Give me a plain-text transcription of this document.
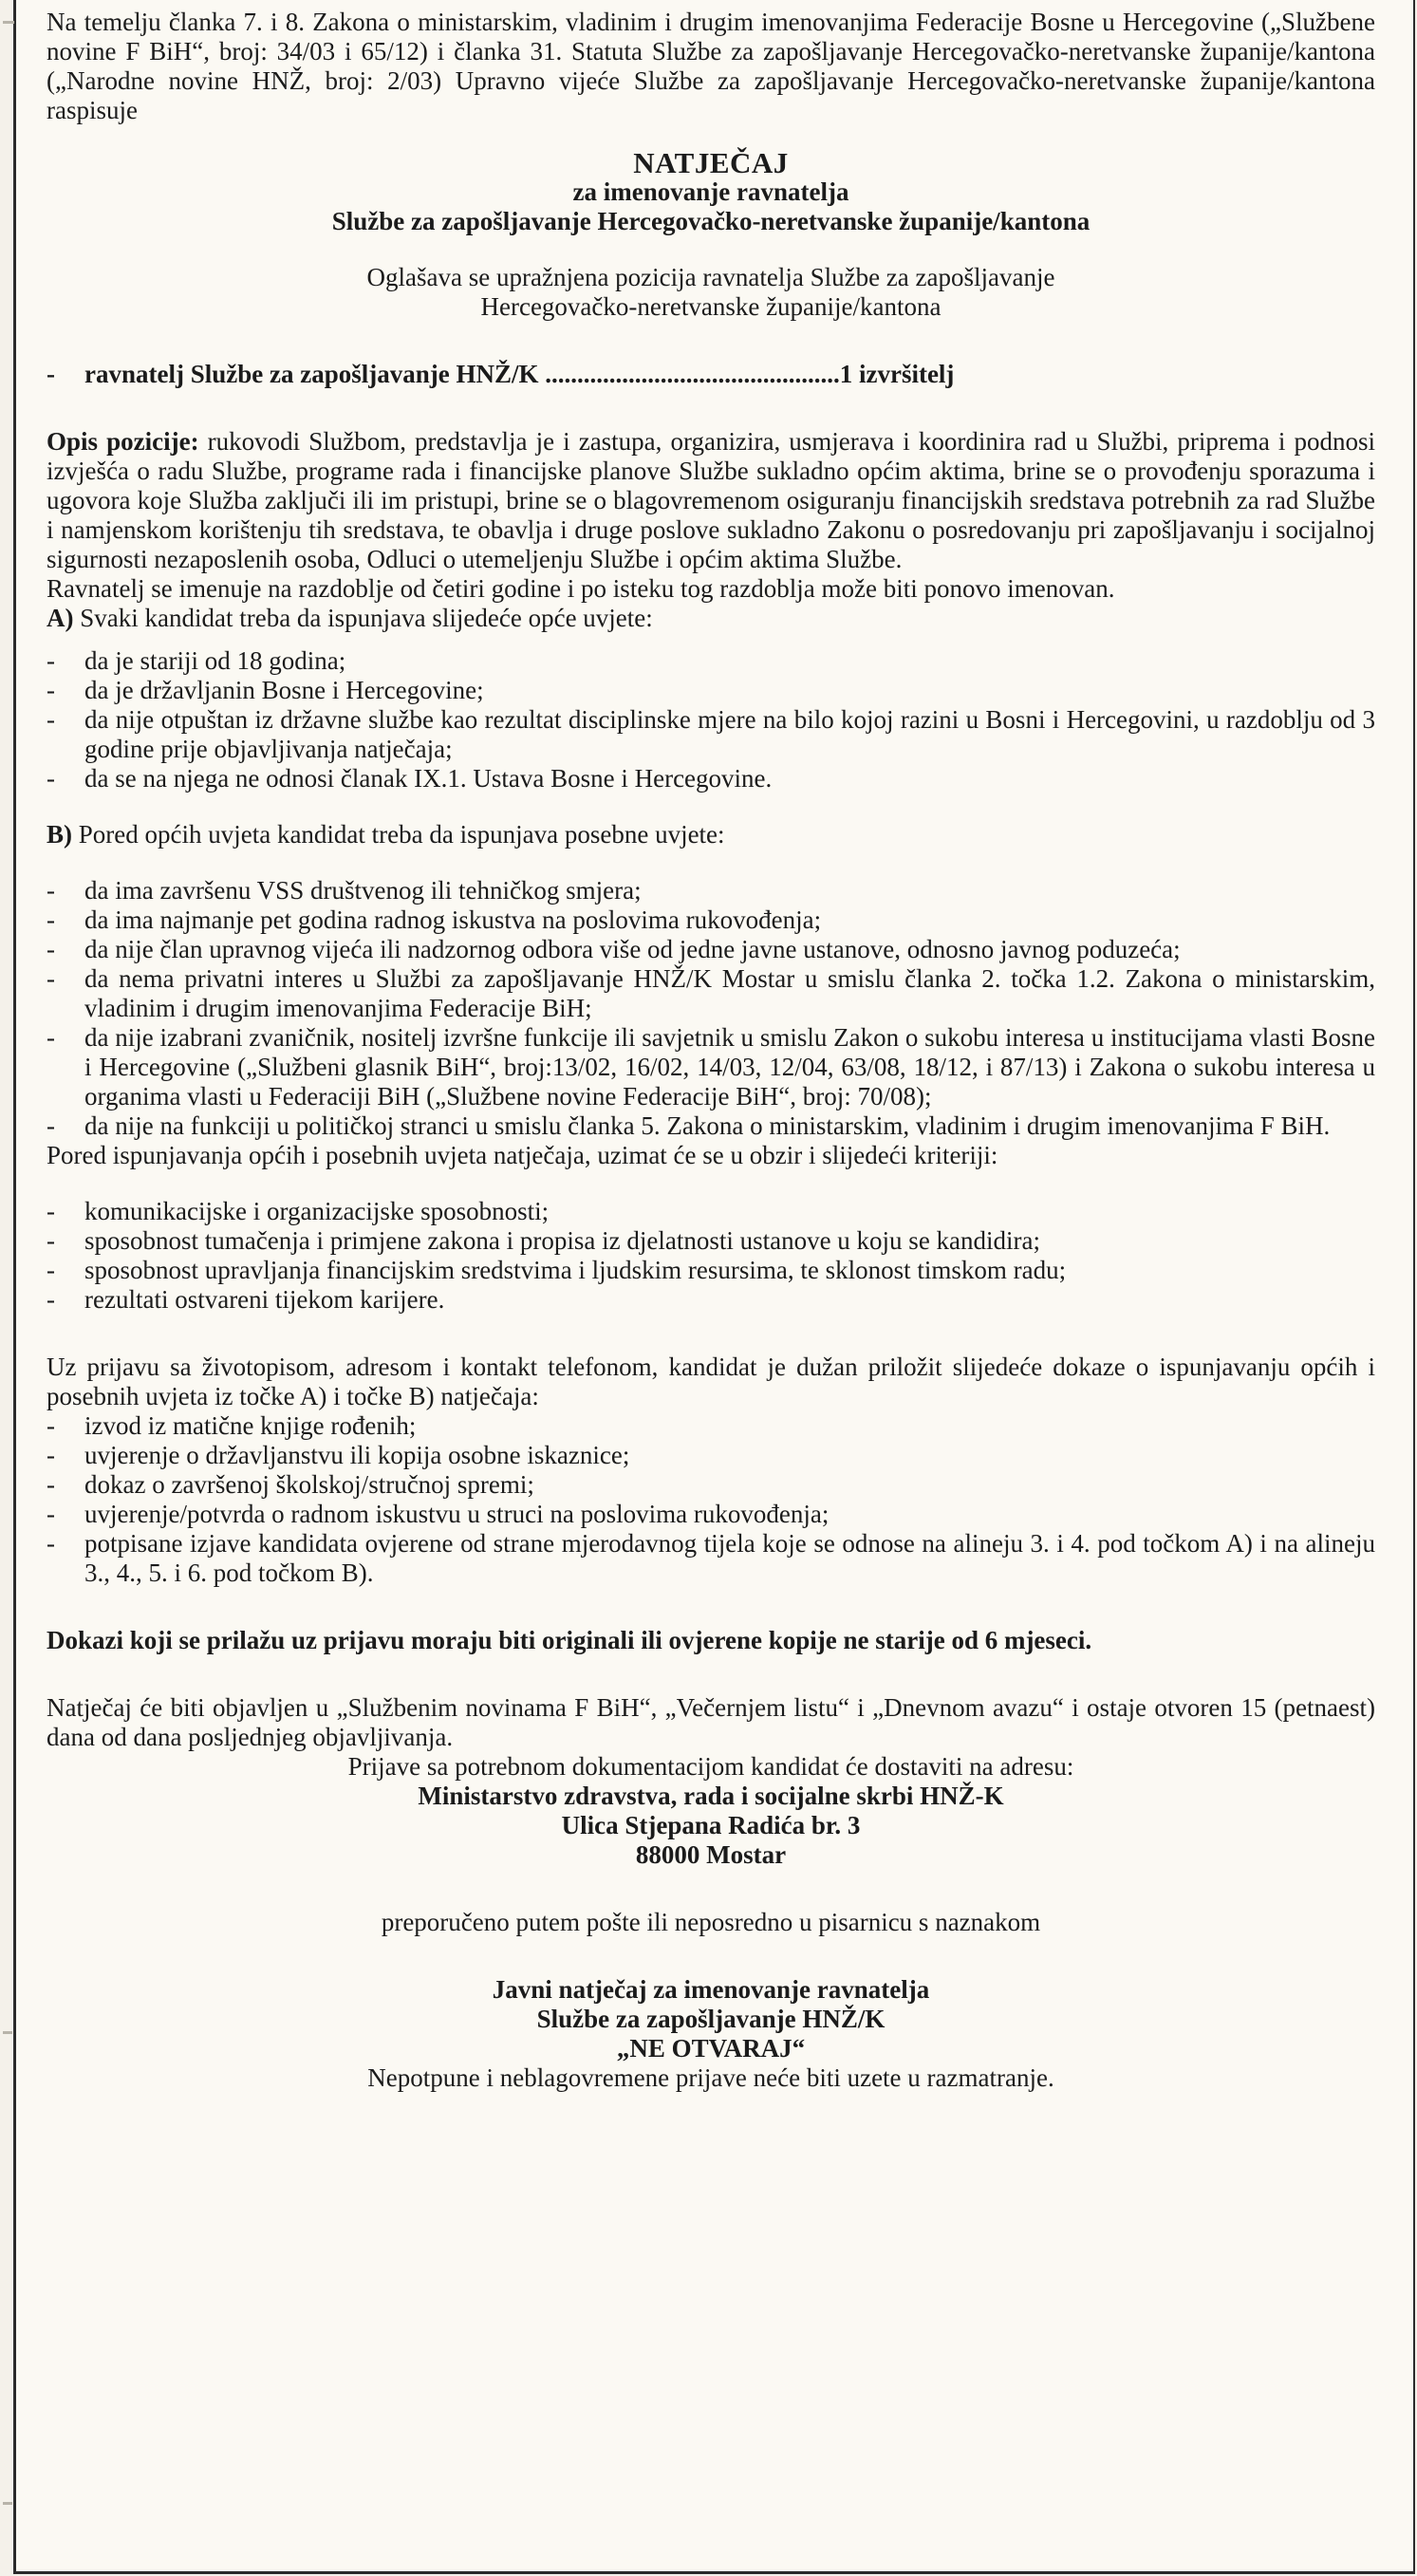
Na temelju članka 7. i 8. Zakona o ministarskim, vladinim i drugim imenovanjima Federacije Bosne u Hercegovine („Službene novine F BiH“, broj: 34/03 i 65/12) i članka 31. Statuta Službe za zapošljavanje Hercegovačko-neretvanske županije/kantona („Narodne novine HNŽ, broj: 2/03) Upravno vijeće Službe za zapošljavanje Hercegovačko-neretvanske županije/kantona raspisuje

NATJEČAJ
za imenovanje ravnatelja
Službe za zapošljavanje Hercegovačko-neretvanske županije/kantona
Oglašava se upražnjena pozicija ravnatelja Službe za zapošljavanje
Hercegovačko-neretvanske županije/kantona
-	ravnatelj Službe za zapošljavanje HNŽ/K ..............................................1 izvršitelj

Opis pozicije: rukovodi Službom, predstavlja je i zastupa, organizira, usmjerava i koordinira rad u Službi, priprema i podnosi izvješća o radu Službe, programe rada i financijske planove Službe sukladno općim aktima, brine se o provođenju sporazuma i ugovora koje Služba zaključi ili im pristupi, brine se o blagovremenom osiguranju financijskih sredstava potrebnih za rad Službe i namjenskom korištenju tih sredstava, te obavlja i druge poslove sukladno Zakonu o posredovanju pri zapošljavanju i socijalnoj sigurnosti nezaposlenih osoba, Odluci o utemeljenju Službe i općim aktima Službe.

Ravnatelj se imenuje na razdoblje od četiri godine i po isteku tog razdoblja može biti ponovo imenovan.

A) Svaki kandidat treba da ispunjava slijedeće opće uvjete:

- da je stariji od 18 godina;
- da je državljanin Bosne i Hercegovine;
- da nije otpuštan iz državne službe kao rezultat disciplinske mjere na bilo kojoj razini u Bosni i Hercegovini, u razdoblju od 3 godine prije objavljivanja natječaja;
- da se na njega ne odnosi članak IX.1. Ustava Bosne i Hercegovine.

B) Pored općih uvjeta kandidat treba da ispunjava posebne uvjete:

- da ima završenu VSS društvenog ili tehničkog smjera;
- da ima najmanje pet godina radnog iskustva na poslovima rukovođenja;
- da nije član upravnog vijeća ili nadzornog odbora više od jedne javne ustanove, odnosno javnog poduzeća;
- da nema privatni interes u Službi za zapošljavanje HNŽ/K Mostar u smislu članka 2. točka 1.2. Zakona o ministarskim, vladinim i drugim imenovanjima Federacije BiH;
- da nije izabrani zvaničnik, nositelj izvršne funkcije ili savjetnik u smislu Zakon o sukobu interesa u institucijama vlasti Bosne i Hercegovine („Službeni glasnik BiH“, broj:13/02, 16/02, 14/03, 12/04, 63/08, 18/12, i 87/13) i Zakona o sukobu interesa u organima vlasti u Federaciji BiH („Službene novine Federacije BiH“, broj: 70/08);
- da nije na funkciji u političkoj stranci u smislu članka 5. Zakona o ministarskim, vladinim i drugim imenovanjima F BiH.

Pored ispunjavanja općih i posebnih uvjeta natječaja, uzimat će se u obzir i slijedeći kriteriji:

- komunikacijske i organizacijske sposobnosti;
- sposobnost tumačenja i primjene zakona i propisa iz djelatnosti ustanove u koju se kandidira;
- sposobnost upravljanja financijskim sredstvima i ljudskim resursima, te sklonost timskom radu;
- rezultati ostvareni tijekom karijere.

Uz prijavu sa životopisom, adresom i kontakt telefonom, kandidat je dužan priložit slijedeće dokaze o ispunjavanju općih i posebnih uvjeta iz točke A) i točke B) natječaja:

- izvod iz matične knjige rođenih;
- uvjerenje o državljanstvu ili kopija osobne iskaznice;
- dokaz o završenoj školskoj/stručnoj spremi;
- uvjerenje/potvrda o radnom iskustvu u struci na poslovima rukovođenja;
- potpisane izjave kandidata ovjerene od strane mjerodavnog tijela koje se odnose na alineju 3. i 4. pod točkom A) i na alineju 3., 4., 5. i 6. pod točkom B).

Dokazi koji se prilažu uz prijavu moraju biti originali ili ovjerene kopije ne starije od 6 mjeseci.

Natječaj će biti objavljen u „Službenim novinama F BiH“, „Večernjem listu“ i „Dnevnom avazu“ i ostaje otvoren 15 (petnaest) dana od dana posljednjeg objavljivanja.

Prijave sa potrebnom dokumentacijom kandidat će dostaviti na adresu:
Ministarstvo zdravstva, rada i socijalne skrbi HNŽ-K
Ulica Stjepana Radića br. 3
88000 Mostar
preporučeno putem pošte ili neposredno u pisarnicu s naznakom
Javni natječaj za imenovanje ravnatelja
Službe za zapošljavanje HNŽ/K
„NE OTVARAJ“
Nepotpune i neblagovremene prijave neće biti uzete u razmatranje.
